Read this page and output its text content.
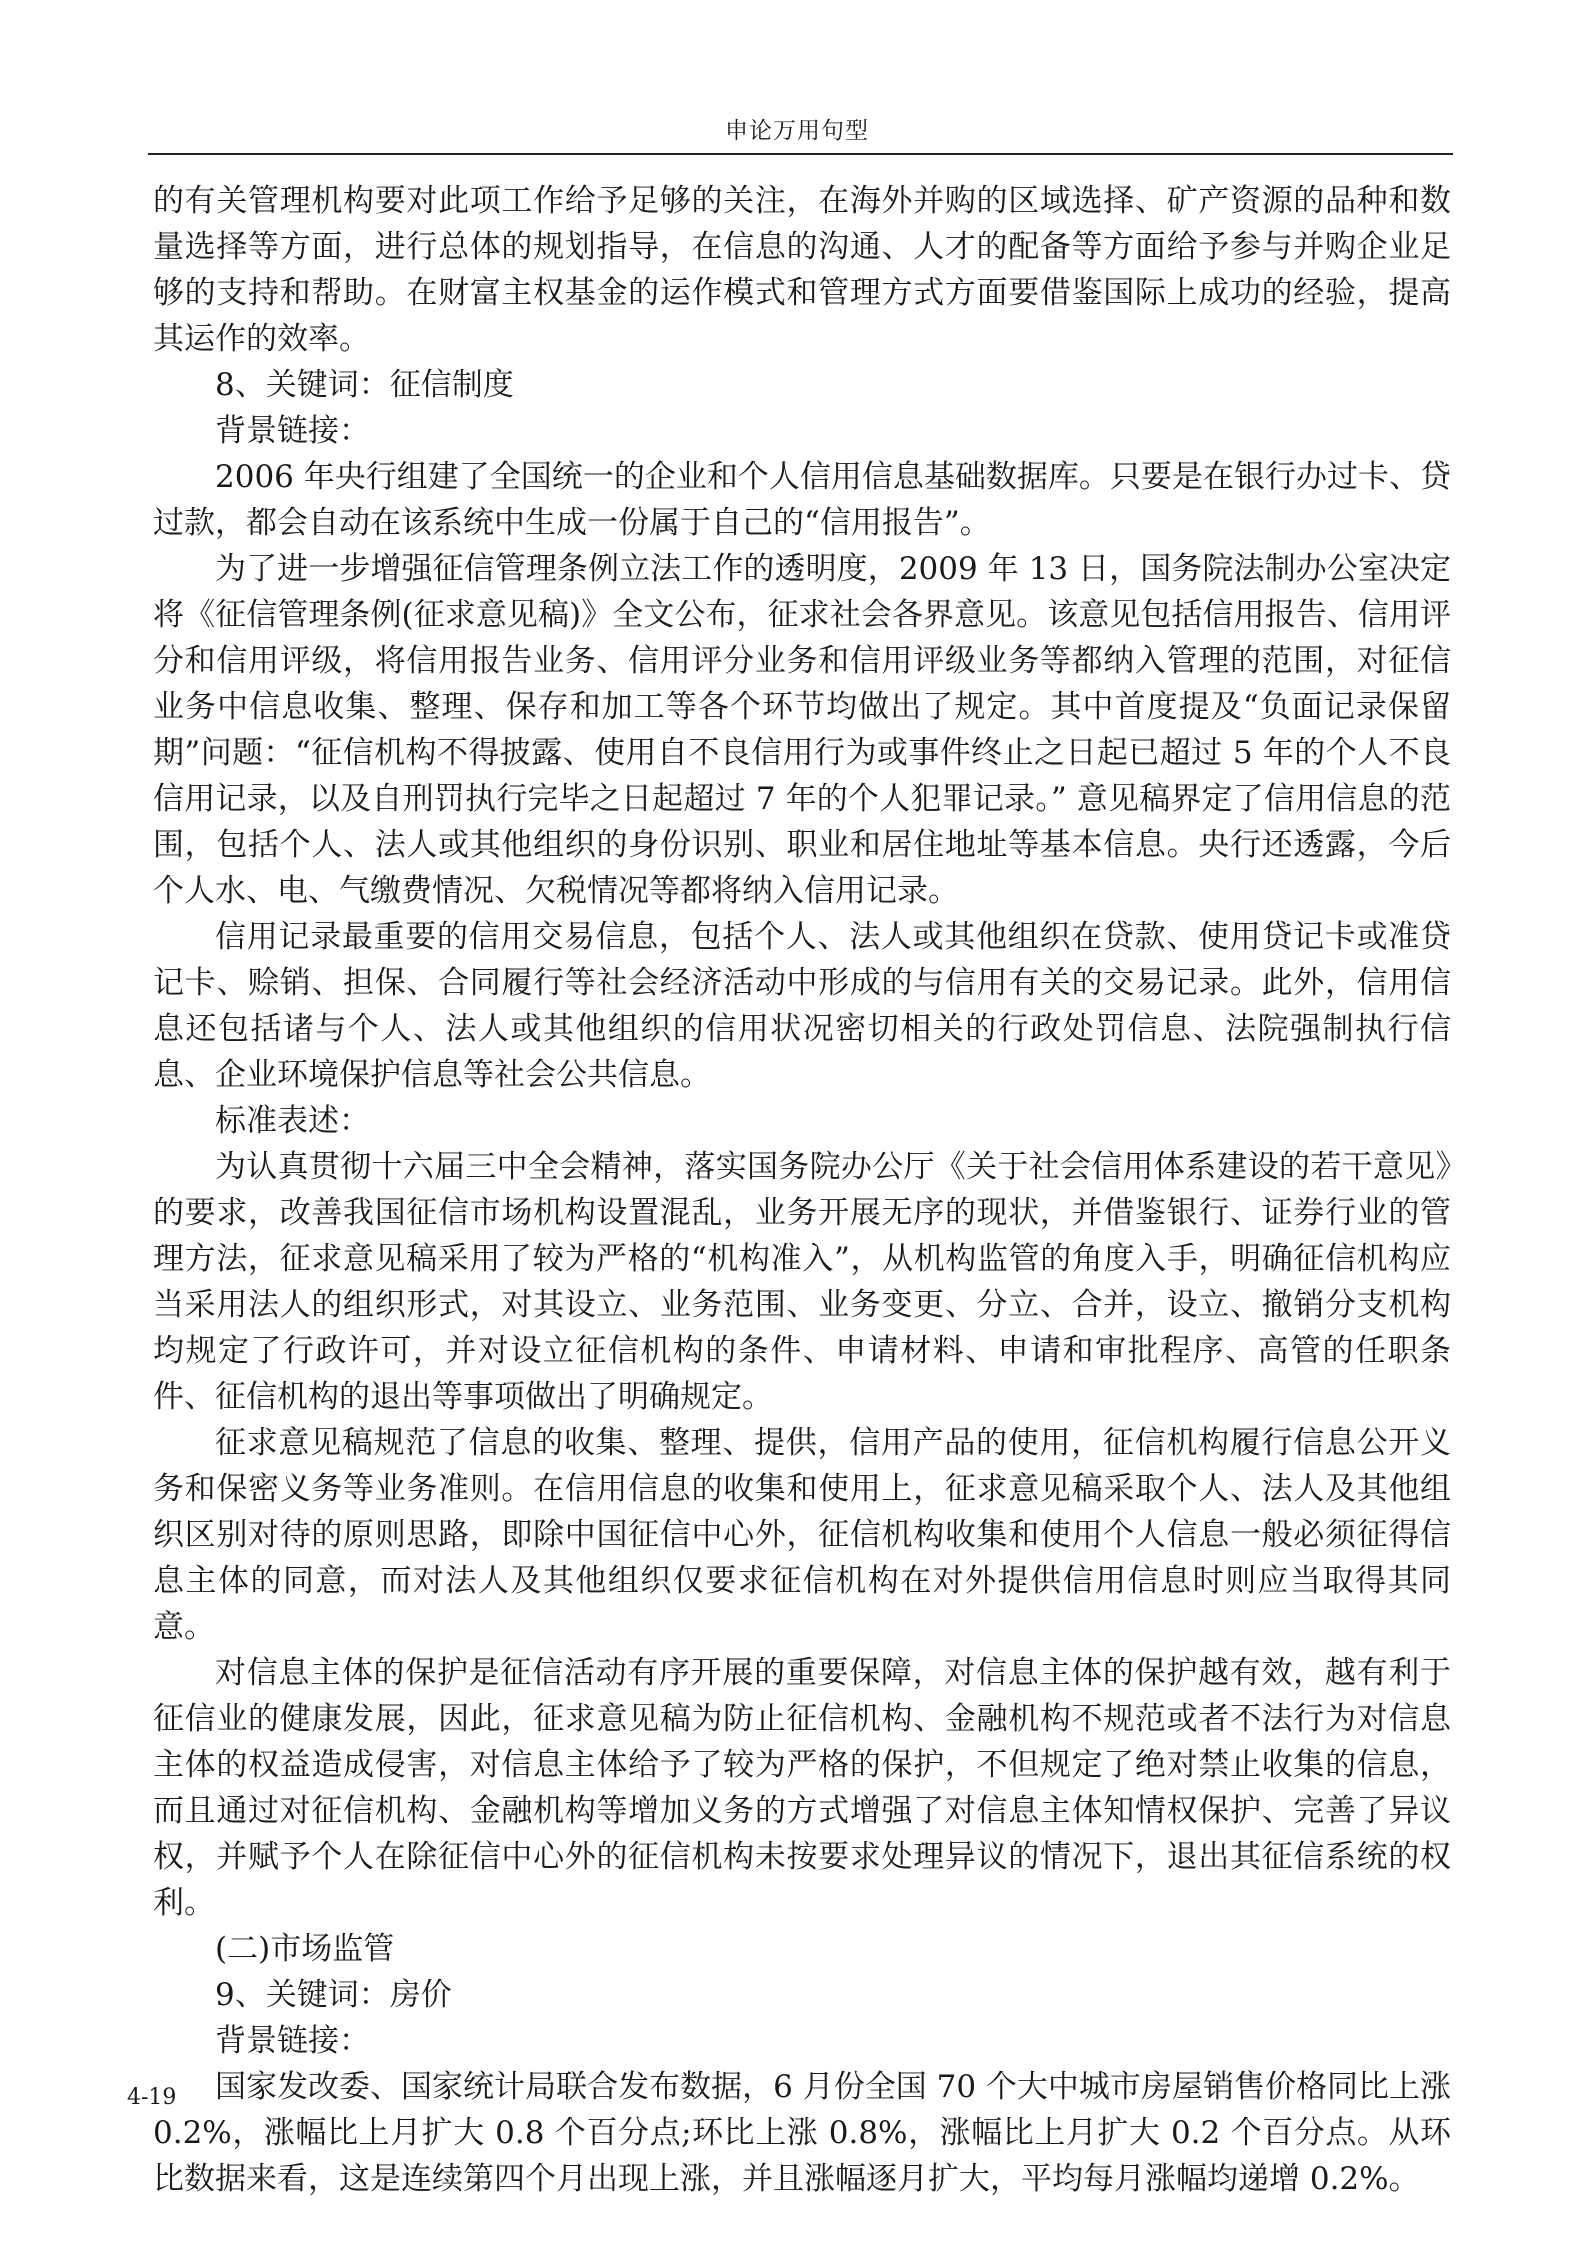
申论万用句型

的有关管理机构要对此项工作给予足够的关注，在海外并购的区域选择、矿产资源的品种和数量选择等方面，进行总体的规划指导，在信息的沟通、人才的配备等方面给予参与并购企业足够的支持和帮助。在财富主权基金的运作模式和管理方式方面要借鉴国际上成功的经验，提高其运作的效率。

8、关键词：征信制度

背景链接：

2006 年央行组建了全国统一的企业和个人信用信息基础数据库。只要是在银行办过卡、贷过款，都会自动在该系统中生成一份属于自己的“信用报告”。

为了进一步增强征信管理条例立法工作的透明度，2009 年 13 日，国务院法制办公室决定将《征信管理条例(征求意见稿)》全文公布，征求社会各界意见。该意见包括信用报告、信用评分和信用评级，将信用报告业务、信用评分业务和信用评级业务等都纳入管理的范围，对征信业务中信息收集、整理、保存和加工等各个环节均做出了规定。其中首度提及“负面记录保留期”问题：“征信机构不得披露、使用自不良信用行为或事件终止之日起已超过 5 年的个人不良信用记录，以及自刑罚执行完毕之日起超过 7 年的个人犯罪记录。” 意见稿界定了信用信息的范围，包括个人、法人或其他组织的身份识别、职业和居住地址等基本信息。央行还透露，今后个人水、电、气缴费情况、欠税情况等都将纳入信用记录。

信用记录最重要的信用交易信息，包括个人、法人或其他组织在贷款、使用贷记卡或准贷记卡、赊销、担保、合同履行等社会经济活动中形成的与信用有关的交易记录。此外，信用信息还包括诸与个人、法人或其他组织的信用状况密切相关的行政处罚信息、法院强制执行信息、企业环境保护信息等社会公共信息。

标准表述：

为认真贯彻十六届三中全会精神，落实国务院办公厅《关于社会信用体系建设的若干意见》的要求，改善我国征信市场机构设置混乱，业务开展无序的现状，并借鉴银行、证券行业的管理方法，征求意见稿采用了较为严格的“机构准入”，从机构监管的角度入手，明确征信机构应当采用法人的组织形式，对其设立、业务范围、业务变更、分立、合并，设立、撤销分支机构均规定了行政许可，并对设立征信机构的条件、申请材料、申请和审批程序、高管的任职条件、征信机构的退出等事项做出了明确规定。

征求意见稿规范了信息的收集、整理、提供，信用产品的使用，征信机构履行信息公开义务和保密义务等业务准则。在信用信息的收集和使用上，征求意见稿采取个人、法人及其他组织区别对待的原则思路，即除中国征信中心外，征信机构收集和使用个人信息一般必须征得信息主体的同意，而对法人及其他组织仅要求征信机构在对外提供信用信息时则应当取得其同意。

对信息主体的保护是征信活动有序开展的重要保障，对信息主体的保护越有效，越有利于征信业的健康发展，因此，征求意见稿为防止征信机构、金融机构不规范或者不法行为对信息主体的权益造成侵害，对信息主体给予了较为严格的保护，不但规定了绝对禁止收集的信息，而且通过对征信机构、金融机构等增加义务的方式增强了对信息主体知情权保护、完善了异议权，并赋予个人在除征信中心外的征信机构未按要求处理异议的情况下，退出其征信系统的权利。

(二)市场监管

9、关键词：房价

背景链接：

国家发改委、国家统计局联合发布数据，6 月份全国 70 个大中城市房屋销售价格同比上涨 0.2%，涨幅比上月扩大 0.8 个百分点;环比上涨 0.8%，涨幅比上月扩大 0.2 个百分点。从环比数据来看，这是连续第四个月出现上涨，并且涨幅逐月扩大，平均每月涨幅均递增 0.2%。

4-19
